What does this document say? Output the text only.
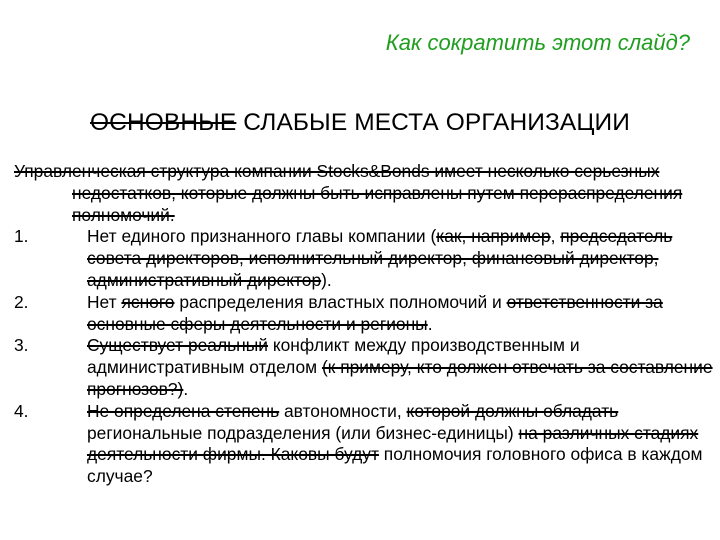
Как сократить этот слайд?
ОСНОВНЫЕ СЛАБЫЕ МЕСТА ОРГАНИЗАЦИИ
Управленческая структура компании Stocks&Bonds имеет несколько серьезных недостатков, которые должны быть исправлены путем перераспределения полномочий.
1.	Нет единого признанного главы компании (как, например, председатель совета директоров, исполнительный директор, финансовый директор, административный директор).
2.	Нет ясного распределения властных полномочий и ответственности за основные сферы деятельности и регионы.
3.	Существует реальный конфликт между производственным и административным отделом (к примеру, кто должен отвечать за составление прогнозов?).
4.	Не определена степень автономности, которой должны обладать региональные подразделения (или бизнес-единицы) на различных стадиях деятельности фирмы. Каковы будут полномочия головного офиса в каждом случае?
